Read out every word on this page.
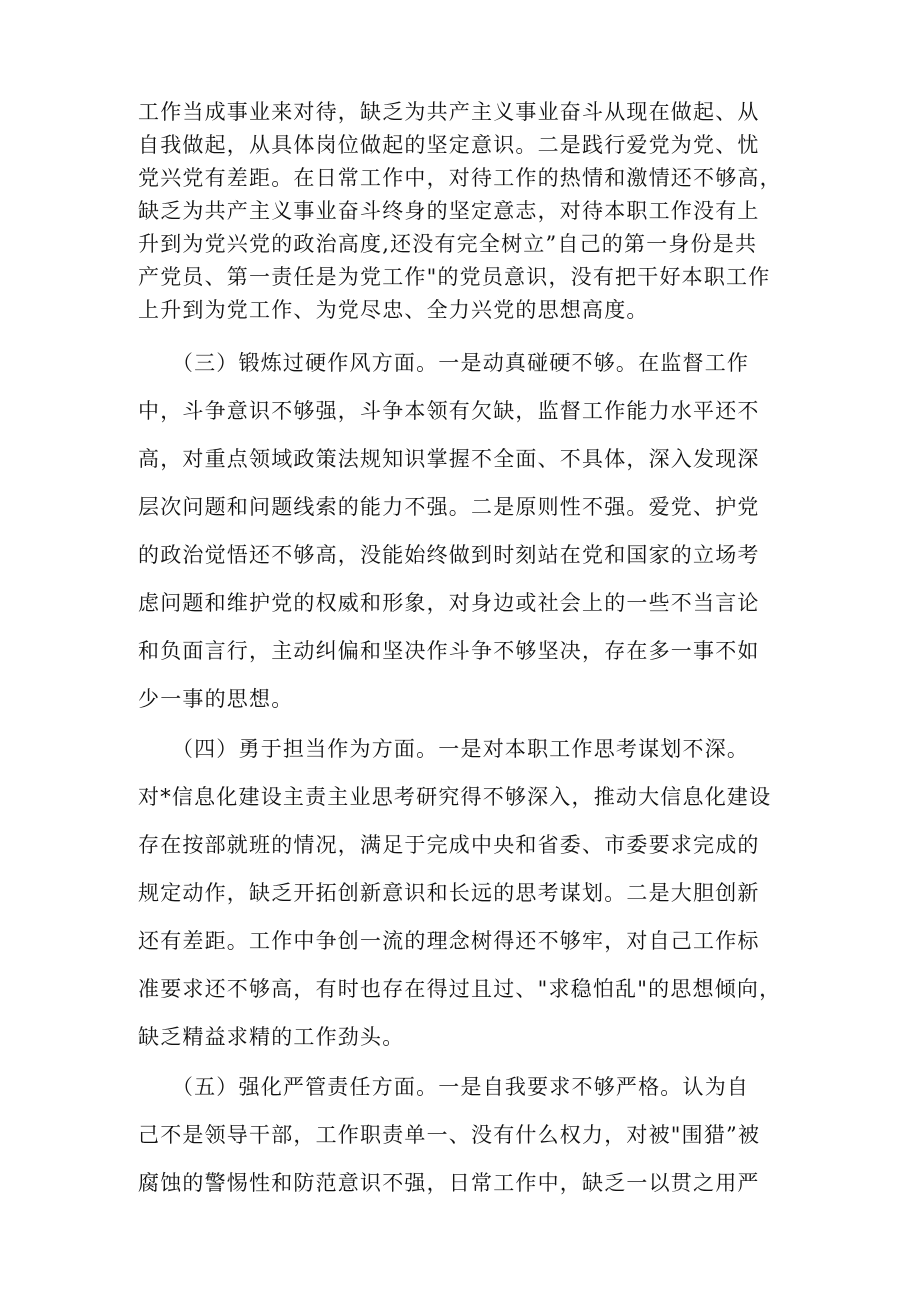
工作当成事业来对待，缺乏为共产主义事业奋斗从现在做起、从
自我做起，从具体岗位做起的坚定意识。二是践行爱党为党、忧
党兴党有差距。在日常工作中，对待工作的热情和激情还不够高，
缺乏为共产主义事业奋斗终身的坚定意志，对待本职工作没有上
升到为党兴党的政治高度,还没有完全树立”自己的第一身份是共
产党员、第一责任是为党工作"的党员意识，没有把干好本职工作
上升到为党工作、为党尽忠、全力兴党的思想高度。
　　（三）锻炼过硬作风方面。一是动真碰硬不够。在监督工作
中，斗争意识不够强，斗争本领有欠缺，监督工作能力水平还不
高，对重点领域政策法规知识掌握不全面、不具体，深入发现深
层次问题和问题线索的能力不强。二是原则性不强。爱党、护党
的政治觉悟还不够高，没能始终做到时刻站在党和国家的立场考
虑问题和维护党的权威和形象，对身边或社会上的一些不当言论
和负面言行，主动纠偏和坚决作斗争不够坚决，存在多一事不如
少一事的思想。
　　（四）勇于担当作为方面。一是对本职工作思考谋划不深。
对*信息化建设主责主业思考研究得不够深入，推动大信息化建设
存在按部就班的情况，满足于完成中央和省委、市委要求完成的
规定动作，缺乏开拓创新意识和长远的思考谋划。二是大胆创新
还有差距。工作中争创一流的理念树得还不够牢，对自己工作标
准要求还不够高，有时也存在得过且过、"求稳怕乱"的思想倾向，
缺乏精益求精的工作劲头。
　　（五）强化严管责任方面。一是自我要求不够严格。认为自
己不是领导干部，工作职责单一、没有什么权力，对被"围猎”被
腐蚀的警惕性和防范意识不强，日常工作中，缺乏一以贯之用严
